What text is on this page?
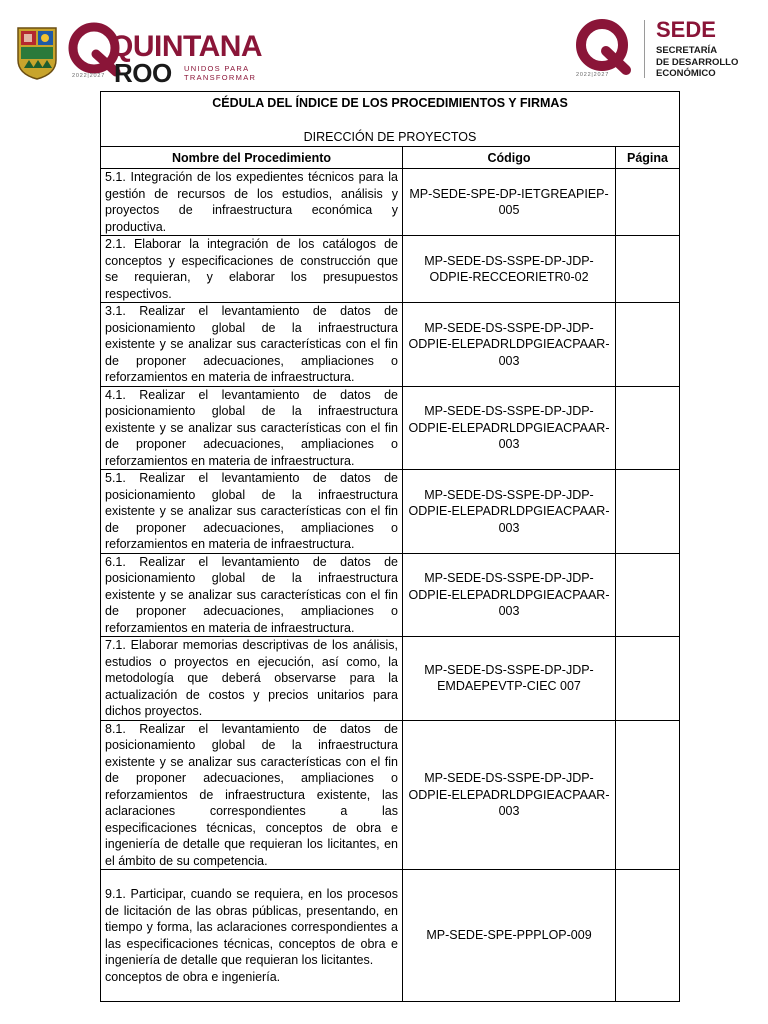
QUINTANA
ROO UNIDOS PARA TRANSFORMAR
2022|2027	2022|2027
SEDE
SECRETARÍA
DE DESARROLLO
ECONÓMICO
CÉDULA DEL ÍNDICE DE LOS PROCEDIMIENTOS Y FIRMAS
DIRECCIÓN DE PROYECTOS		

Nombre del Procedimiento	Código	Página
5.1. Integración de los expedientes técnicos para la gestión de recursos de los estudios, análisis y proyectos de infraestructura económica y productiva.	MP-SEDE-SPE-DP-IETGREAPIEP-005	
2.1. Elaborar la integración de los catálogos de conceptos y especificaciones de construcción que se requieran, y elaborar los presupuestos respectivos.	MP-SEDE-DS-SSPE-DP-JDP-ODPIE-RECCEORIETR0-02	
3.1. Realizar el levantamiento de datos de posicionamiento global de la infraestructura existente y se analizar sus características con el fin de proponer adecuaciones, ampliaciones o reforzamientos en materia de infraestructura.	MP-SEDE-DS-SSPE-DP-JDP-ODPIE-ELEPADRLDPGIEACPAAR-003	
4.1. Realizar el levantamiento de datos de posicionamiento global de la infraestructura existente y se analizar sus características con el fin de proponer adecuaciones, ampliaciones o reforzamientos en materia de infraestructura.	MP-SEDE-DS-SSPE-DP-JDP-ODPIE-ELEPADRLDPGIEACPAAR-003	
5.1. Realizar el levantamiento de datos de posicionamiento global de la infraestructura existente y se analizar sus características con el fin de proponer adecuaciones, ampliaciones o reforzamientos en materia de infraestructura.	MP-SEDE-DS-SSPE-DP-JDP-ODPIE-ELEPADRLDPGIEACPAAR-003	
6.1. Realizar el levantamiento de datos de posicionamiento global de la infraestructura existente y se analizar sus características con el fin de proponer adecuaciones, ampliaciones o reforzamientos en materia de infraestructura.	MP-SEDE-DS-SSPE-DP-JDP-ODPIE-ELEPADRLDPGIEACPAAR-003	
7.1. Elaborar memorias descriptivas de los análisis, estudios o proyectos en ejecución, así como, la metodología que deberá observarse para la actualización de costos y precios unitarios para dichos proyectos.	MP-SEDE-DS-SSPE-DP-JDP-EMDAEPEVTP-CIEC 007	
8.1. Realizar el levantamiento de datos de posicionamiento global de la infraestructura existente y se analizar sus características con el fin de proponer adecuaciones, ampliaciones o reforzamientos de infraestructura existente, las aclaraciones correspondientes a las especificaciones técnicas, conceptos de obra e ingeniería de detalle que requieran los licitantes, en el ámbito de su competencia.	MP-SEDE-DS-SSPE-DP-JDP-ODPIE-ELEPADRLDPGIEACPAAR-003	

9.1. Participar, cuando se requiera, en los procesos de licitación de las obras públicas, presentando, en tiempo y forma, las aclaraciones correspondientes a las especificaciones técnicas, conceptos de obra e ingeniería de detalle que requieran los licitantes.
conceptos de obra e ingeniería.	MP-SEDE-SPE-PPPLOP-009	
